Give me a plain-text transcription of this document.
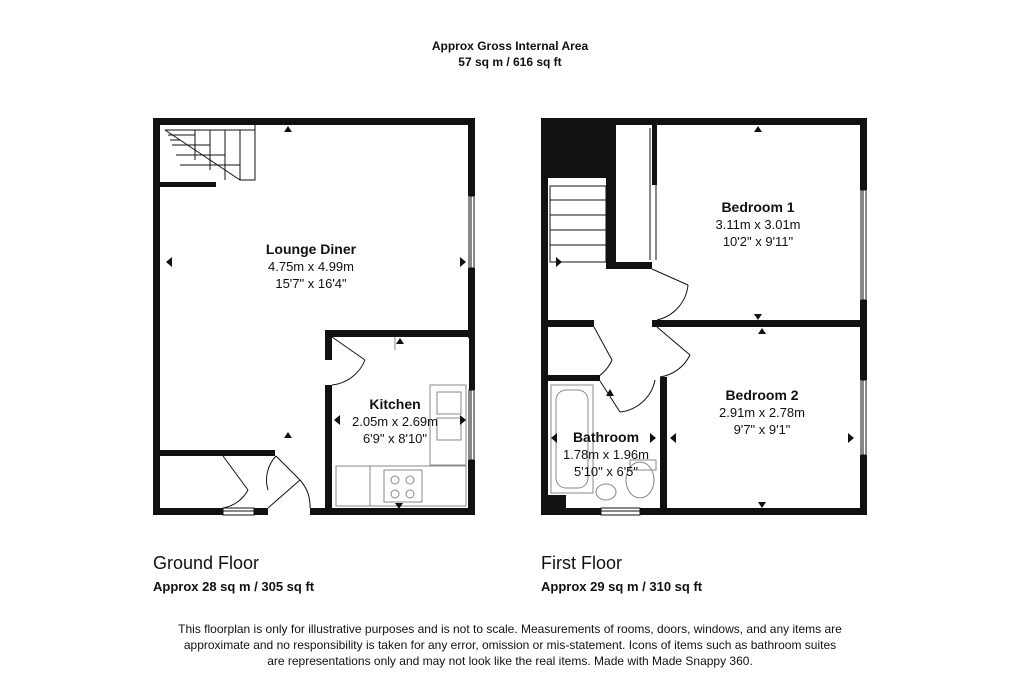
Approx Gross Internal Area
57 sq m / 616 sq ft
Lounge Diner
4.75m x 4.99m
15'7" x 16'4"
Kitchen
2.05m x 2.69m
6'9" x 8'10"
Bedroom 1
3.11m x 3.01m
10'2" x 9'11"
Bedroom 2
2.91m x 2.78m
9'7" x 9'1"
Bathroom
1.78m x 1.96m
5'10" x 6'5"
Ground Floor
Approx 28 sq m / 305 sq ft
First Floor
Approx 29 sq m / 310 sq ft
This floorplan is only for illustrative purposes and is not to scale. Measurements of rooms, doors, windows, and any items are
approximate and no responsibility is taken for any error, omission or mis-statement. Icons of items such as bathroom suites
are representations only and may not look like the real items. Made with Made Snappy 360.
